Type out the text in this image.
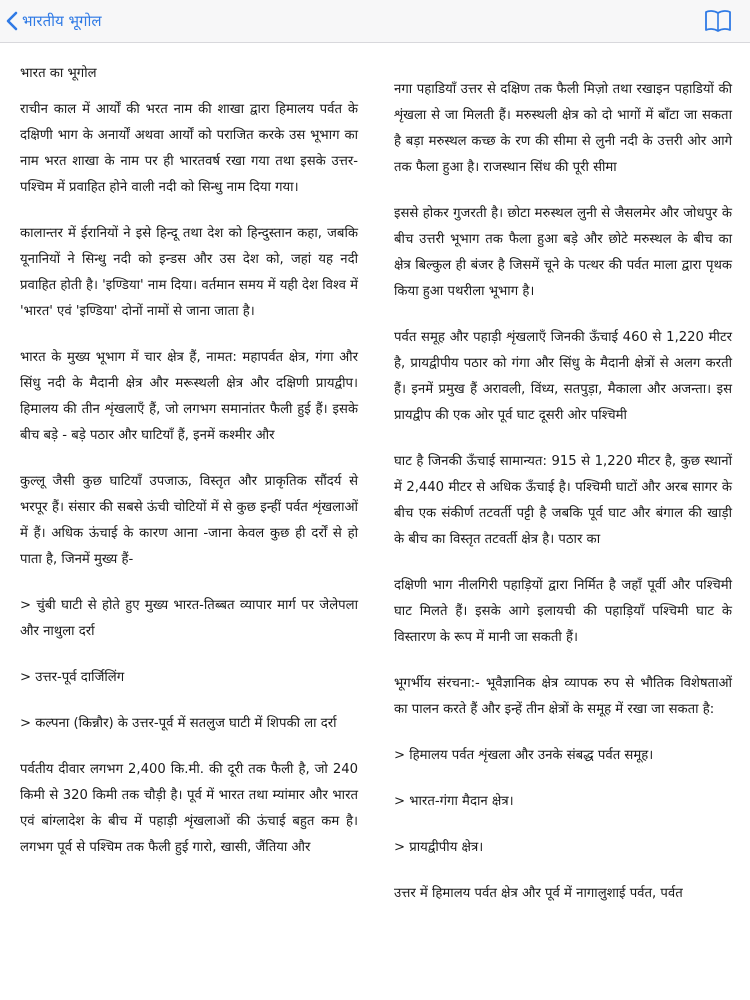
भारतीय भूगोल

भारत का भूगोल

राचीन काल में आर्यों की भरत नाम की शाखा द्वारा हिमालय पर्वत के दक्षिणी भाग के अनार्यों अथवा आर्यों को पराजित करके उस भूभाग का नाम भरत शाखा के नाम पर ही भारतवर्ष रखा गया तथा इसके उत्तर-पश्चिम में प्रवाहित होने वाली नदी को सिन्धु नाम दिया गया।

कालान्तर में ईरानियों ने इसे हिन्दू तथा देश को हिन्दुस्तान कहा, जबकि यूनानियों ने सिन्धु नदी को इन्डस और उस देश को, जहां यह नदी प्रवाहित होती है। 'इण्डिया' नाम दिया। वर्तमान समय में यही देश विश्व में 'भारत' एवं 'इण्डिया' दोनों नामों से जाना जाता है।

भारत के मुख्य भूभाग में चार क्षेत्र हैं, नामत: महापर्वत क्षेत्र, गंगा और सिंधु नदी के मैदानी क्षेत्र और मरूस्थली क्षेत्र और दक्षिणी प्रायद्वीप। हिमालय की तीन शृंखलाएँ हैं, जो लगभग समानांतर फैली हुई हैं। इसके बीच बड़े - बड़े पठार और घाटियाँ हैं, इनमें कश्मीर और

कुल्लू जैसी कुछ घाटियाँ उपजाऊ, विस्तृत और प्राकृतिक सौंदर्य से भरपूर हैं। संसार की सबसे ऊंची चोटियों में से कुछ इन्हीं पर्वत शृंखलाओं में हैं। अधिक ऊंचाई के कारण आना -जाना केवल कुछ ही दर्रों से हो पाता है, जिनमें मुख्य हैं-

> चुंबी घाटी से होते हुए मुख्य भारत-तिब्बत व्यापार मार्ग पर जेलेपला और नाथुला दर्रा

> उत्तर-पूर्व दार्जिलिंग

> कल्पना (किन्नौर) के उत्तर-पूर्व में सतलुज घाटी में शिपकी ला दर्रा

पर्वतीय दीवार लगभग 2,400 कि.मी. की दूरी तक फैली है, जो 240 किमी से 320 किमी तक चौड़ी है। पूर्व में भारत तथा म्यांमार और भारत एवं बांग्लादेश के बीच में पहाड़ी शृंखलाओं की ऊंचाई बहुत कम है। लगभग पूर्व से पश्चिम तक फैली हुई गारो, खासी, जैंतिया और

नगा पहाडियाँ उत्तर से दक्षिण तक फैली मिज़ो तथा रखाइन पहाडियों की शृंखला से जा मिलती हैं। मरुस्थली क्षेत्र को दो भागों में बाँटा जा सकता है बड़ा मरुस्थल कच्छ के रण की सीमा से लुनी नदी के उत्तरी ओर आगे तक फैला हुआ है। राजस्थान सिंध की पूरी सीमा

इससे होकर गुजरती है। छोटा मरुस्थल लुनी से जैसलमेर और जोधपुर के बीच उत्तरी भूभाग तक फैला हुआ बड़े और छोटे मरुस्थल के बीच का क्षेत्र बिल्कुल ही बंजर है जिसमें चूने के पत्थर की पर्वत माला द्वारा पृथक किया हुआ पथरीला भूभाग है।

पर्वत समूह और पहाड़ी शृंखलाएँ जिनकी ऊँचाई 460 से 1,220 मीटर है, प्रायद्वीपीय पठार को गंगा और सिंधु के मैदानी क्षेत्रों से अलग करती हैं। इनमें प्रमुख हैं अरावली, विंध्य, सतपुड़ा, मैकाला और अजन्ता। इस प्रायद्वीप की एक ओर पूर्व घाट दूसरी ओर पश्चिमी

घाट है जिनकी ऊँचाई सामान्यत: 915 से 1,220 मीटर है, कुछ स्थानों में 2,440 मीटर से अधिक ऊँचाई है। पश्चिमी घाटों और अरब सागर के बीच एक संकीर्ण तटवर्ती पट्टी है जबकि पूर्व घाट और बंगाल की खाड़ी के बीच का विस्तृत तटवर्ती क्षेत्र है। पठार का

दक्षिणी भाग नीलगिरी पहाड़ियों द्वारा निर्मित है जहाँ पूर्वी और पश्चिमी घाट मिलते हैं। इसके आगे इलायची की पहाड़ियाँ पश्चिमी घाट के विस्तारण के रूप में मानी जा सकती हैं।

भूगर्भीय संरचना:- भूवैज्ञानिक क्षेत्र व्यापक रुप से भौतिक विशेषताओं का पालन करते हैं और इन्हें तीन क्षेत्रों के समूह में रखा जा सकता है:

> हिमालय पर्वत शृंखला और उनके संबद्ध पर्वत समूह।

> भारत-गंगा मैदान क्षेत्र।

> प्रायद्वीपीय क्षेत्र।

उत्तर में हिमालय पर्वत क्षेत्र और पूर्व में नागालुशाई पर्वत, पर्वत
